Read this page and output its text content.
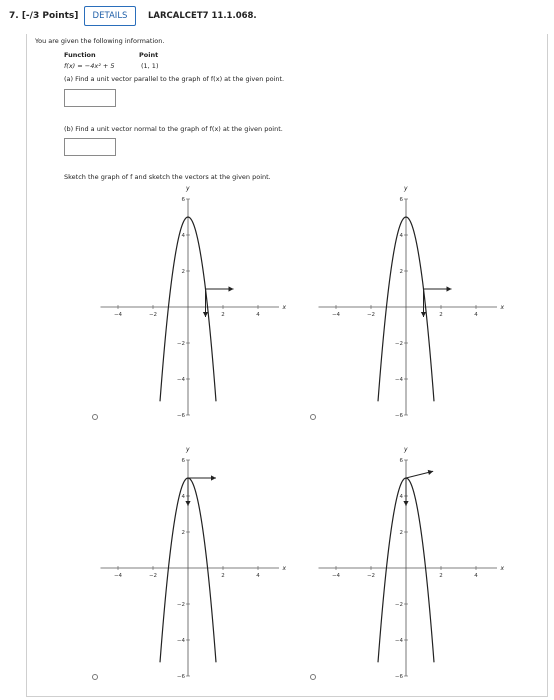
7. [-/3 Points]	DETAILS	LARCALCET7 11.1.068.
You are given the following information.
Function	Point
f(x) = −4x² + 5	(1, 1)
(a) Find a unit vector parallel to the graph of f(x) at the given point.
(b) Find a unit vector normal to the graph of f(x) at the given point.
Sketch the graph of f and sketch the vectors at the given point.
x
y
−4	−2	2	4
6
4
2
−2
−4
−6
x
y
−4	−2	2	4
6
4
2
−2
−4
−6
x
y
−4	−2	2	4
6
4
2
−2
−4
−6
x
y
−4	−2	2	4
6
4
2
−2
−4
−6
